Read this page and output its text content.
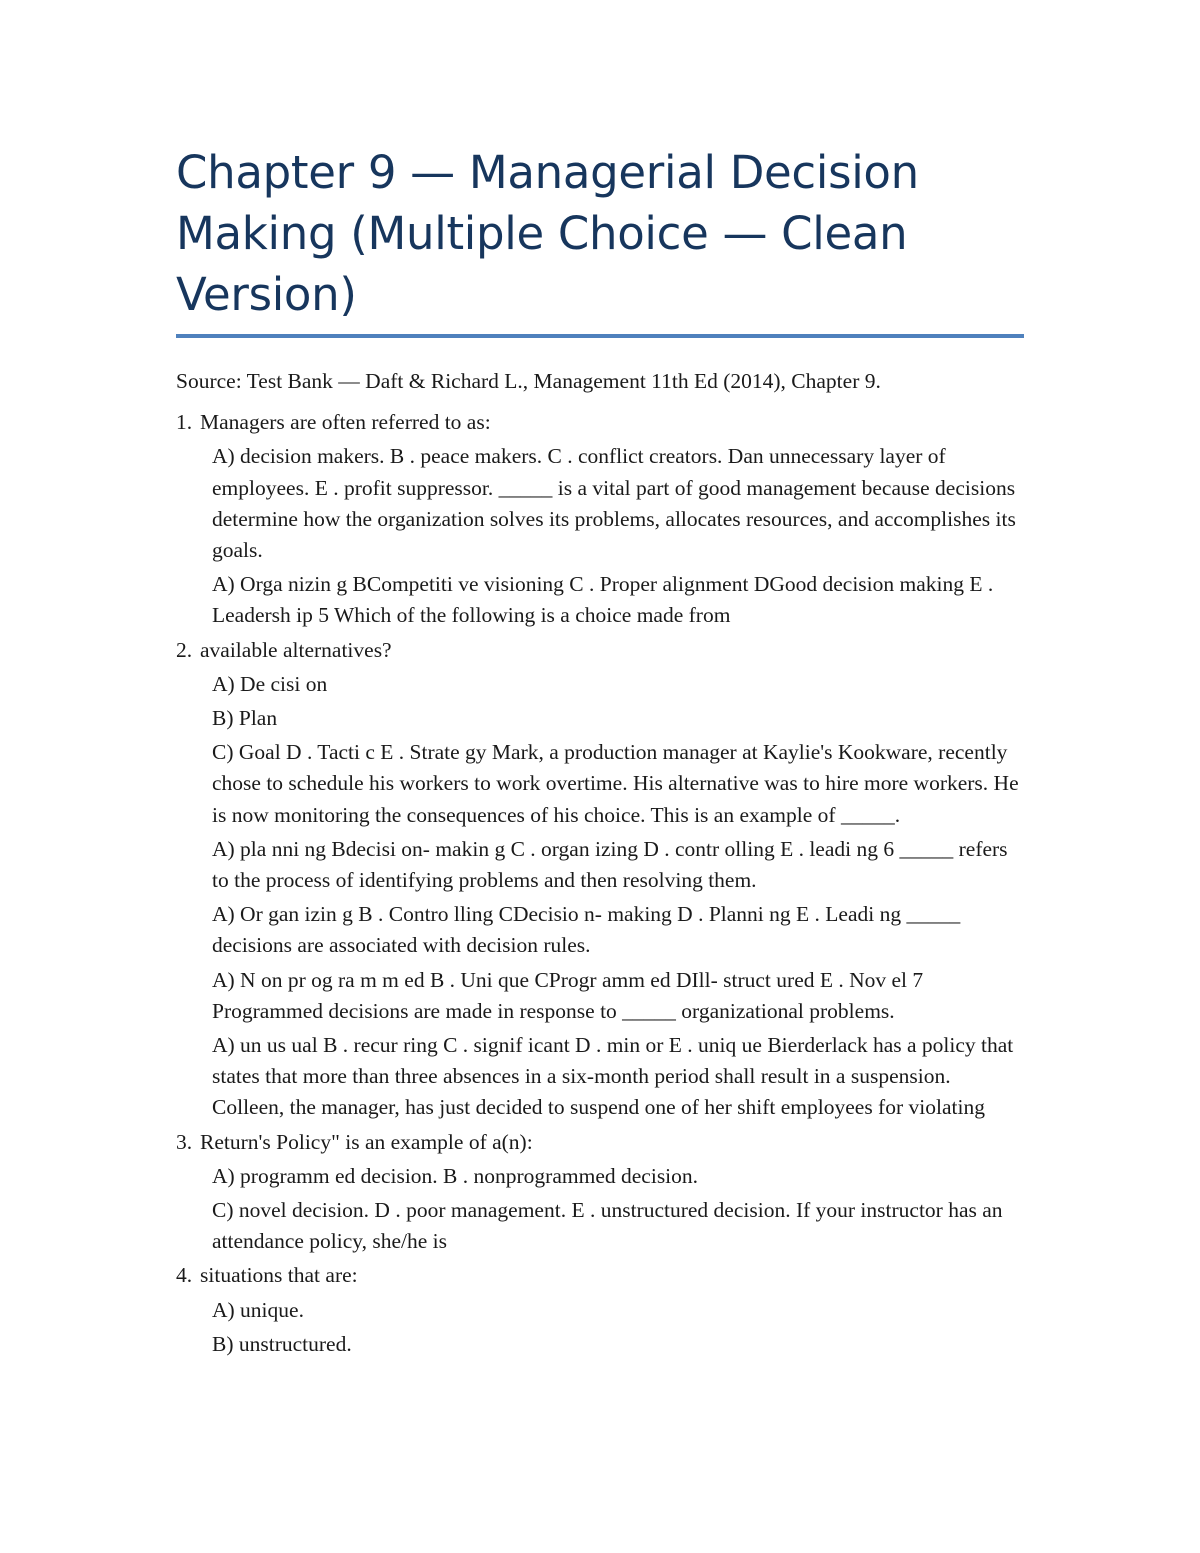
Chapter 9 — Managerial Decision Making (Multiple Choice — Clean Version)

Source: Test Bank — Daft & Richard L., Management 11th Ed (2014), Chapter 9.

1. Managers are often referred to as:

A) decision makers. B . peace makers. C . conflict creators. Dan unnecessary layer of employees. E . profit suppressor. _____ is a vital part of good management because decisions determine how the organization solves its problems, allocates resources, and accomplishes its goals.

A) Orga nizin g BCompetiti ve visioning C . Proper alignment DGood decision making E . Leadersh ip 5 Which of the following is a choice made from

2. available alternatives?

A) De cisi on

B) Plan

C) Goal D . Tacti c E . Strate gy Mark, a production manager at Kaylie's Kookware, recently chose to schedule his workers to work overtime. His alternative was to hire more workers. He is now monitoring the consequences of his choice. This is an example of _____.

A) pla nni ng Bdecisi on- makin g C . organ izing D . contr olling E . leadi ng 6 _____ refers to the process of identifying problems and then resolving them.

A) Or gan izin g B . Contro lling CDecisio n- making D . Planni ng E . Leadi ng _____ decisions are associated with decision rules.

A) N on pr og ra m m ed B . Uni que CProgr amm ed DIll- struct ured E . Nov el 7 Programmed decisions are made in response to _____ organizational problems.

A) un us ual B . recur ring C . signif icant D . min or E . uniq ue Bierderlack has a policy that states that more than three absences in a six-month period shall result in a suspension. Colleen, the manager, has just decided to suspend one of her shift employees for violating

3. Return's Policy" is an example of a(n):

A) programm ed decision. B . nonprogrammed decision.

C) novel decision. D . poor management. E . unstructured decision. If your instructor has an attendance policy, she/he is

4. situations that are:

A) unique.

B) unstructured.
